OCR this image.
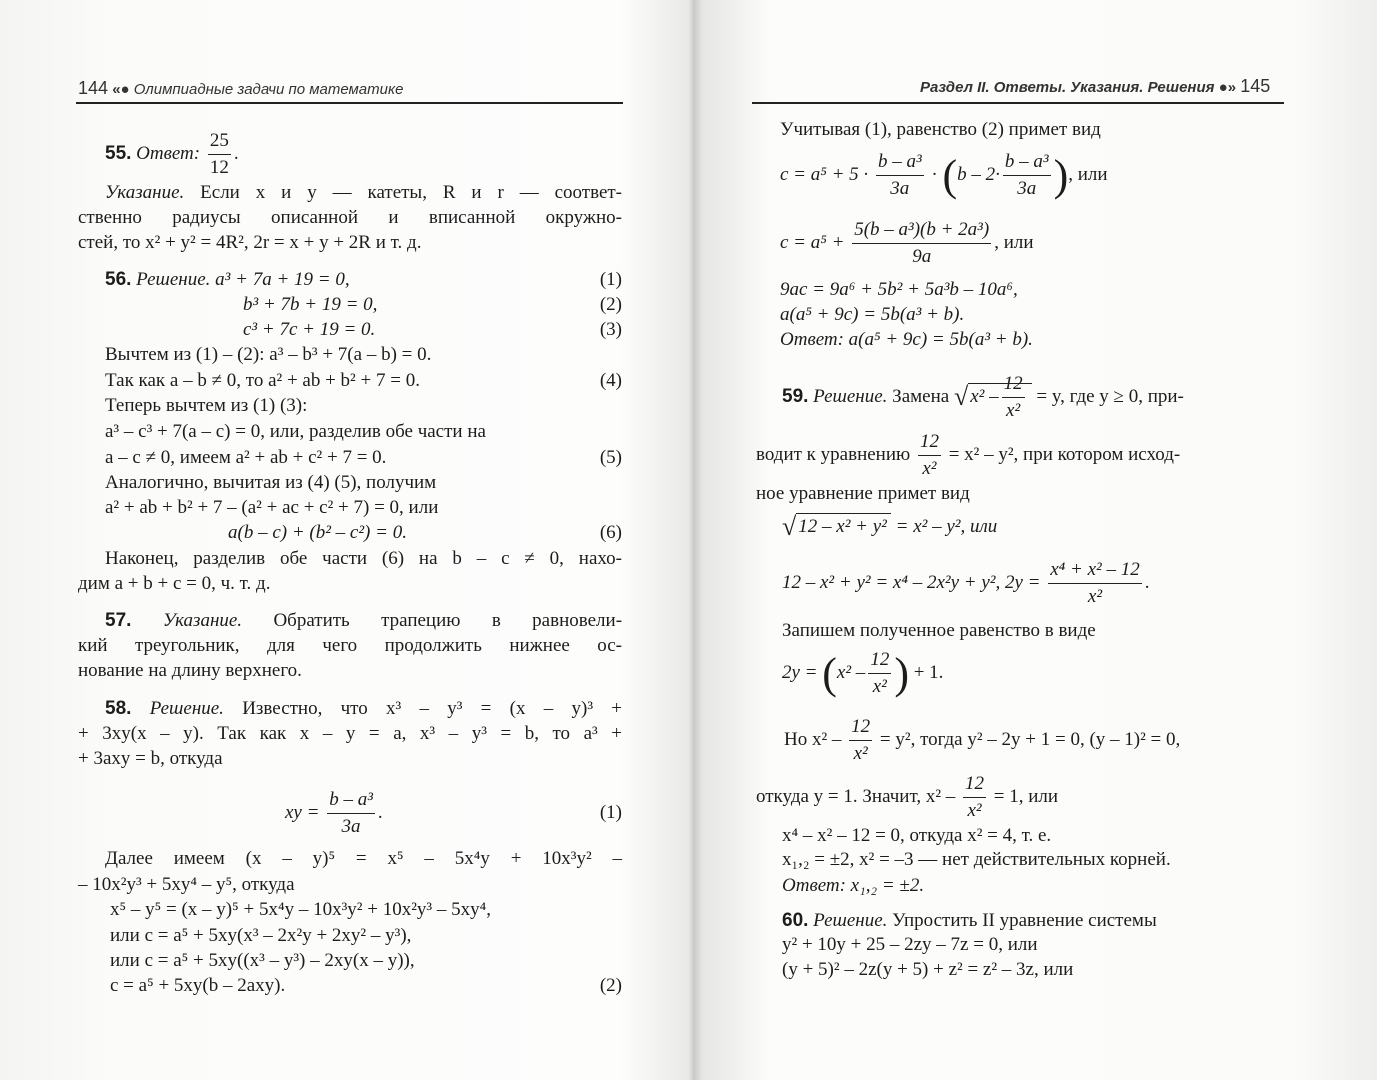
144 «● Олимпиадные задачи по математике
55. Ответ: $\frac{25}{12}$ .
Указание. Если x и y — катеты, R и r — соответ-
ственно радиусы описанной и вписанной окружно-
стей, то x² + y² = 4R², 2r = x + y + 2R и т. д.
56. Решение. a³ + 7a + 19 = 0,	(1)
b³ + 7b + 19 = 0,	(2)
c³ + 7c + 19 = 0.	(3)
Вычтем из (1) – (2): a³ – b³ + 7(a – b) = 0.
Так как a – b ≠ 0, то a² + ab + b² + 7 = 0.	(4)
Теперь вычтем из (1) (3):
a³ – c³ + 7(a – c) = 0, или, разделив обе части на
a – c ≠ 0, имеем a² + ab + c² + 7 = 0.	(5)
Аналогично, вычитая из (4) (5), получим
a² + ab + b² + 7 – (a² + ac + c² + 7) = 0, или
a(b – c) + (b² – c²) = 0.	(6)
Наконец, разделив обе части (6) на b – c ≠ 0, нахо-
дим a + b + c = 0, ч. т. д.
57. Указание. Обратить трапецию в равновели-
кий треугольник, для чего продолжить нижнее ос-
нование на длину верхнего.
58. Решение. Известно, что x³ – y³ = (x – y)³ +
+ 3xy(x – y). Так как x – y = a, x³ – y³ = b, то a³ +
+ 3axy = b, откуда
xy = $\frac{\text{b – a³}}{3a}$ .	(1)
Далее имеем (x – y)⁵ = x⁵ – 5x⁴y + 10x³y² –
– 10x²y³ + 5xy⁴ – y⁵, откуда
x⁵ – y⁵ = (x – y)⁵ + 5x⁴y – 10x³y² + 10x²y³ – 5xy⁴,
или c = a⁵ + 5xy(x³ – 2x²y + 2xy² – y³),
или c = a⁵ + 5xy((x³ – y³) – 2xy(x – y)),
c = a⁵ + 5xy(b – 2axy).	(2)
Раздел II. Ответы. Указания. Решения ●» 145
Учитывая (1), равенство (2) примет вид
$c = a^5 + 5 \cdot \frac{\text{b – a³}}{3a} \cdot (b - 2\cdot \frac{\text{b – a³}}{3a}$ ), или
$c = a^5 + \frac{\text{5(b – a³)(b + 2a³)}}{9a}$ , или
9ac = 9a⁶ + 5b² + 5a³b – 10a⁶,
a(a⁵ + 9c) = 5b(a³ + b).
Ответ: a(a⁵ + 9c) = 5b(a³ + b).
59. Решение. Замена √ $x^2 - \frac{12}{\text{x²}} = y$, где y ≥ 0, при-
водит к уравнению $\frac{12}{\text{x²}} = x^2 - y^2$, при котором исход-
ное уравнение примет вид
√ 12 – x² + y² = x² – y², или
12 – x² + y² = x⁴ – 2x²y + y², $2y = \frac{\text{x⁴ + x² – 12}}{\text{x²}}$ .
Запишем полученное равенство в виде
$2y = (x^2 - \frac{12}{\text{x²}}$ ) + 1.
Но $x^2 - \frac{12}{\text{x²}} = y^2$, тогда y² – 2y + 1 = 0, (y – 1)² = 0,
откуда y = 1. Значит, $x^2 - \frac{12}{\text{x²}} = 1$, или
x⁴ – x² – 12 = 0, откуда x² = 4, т. е.
x₁,₂ = ±2, x² = –3 — нет действительных корней.
Ответ: x₁,₂ = ±2.
60. Решение. Упростить II уравнение системы
y² + 10y + 25 – 2zy – 7z = 0, или
(y + 5)² – 2z(y + 5) + z² = z² – 3z, или
